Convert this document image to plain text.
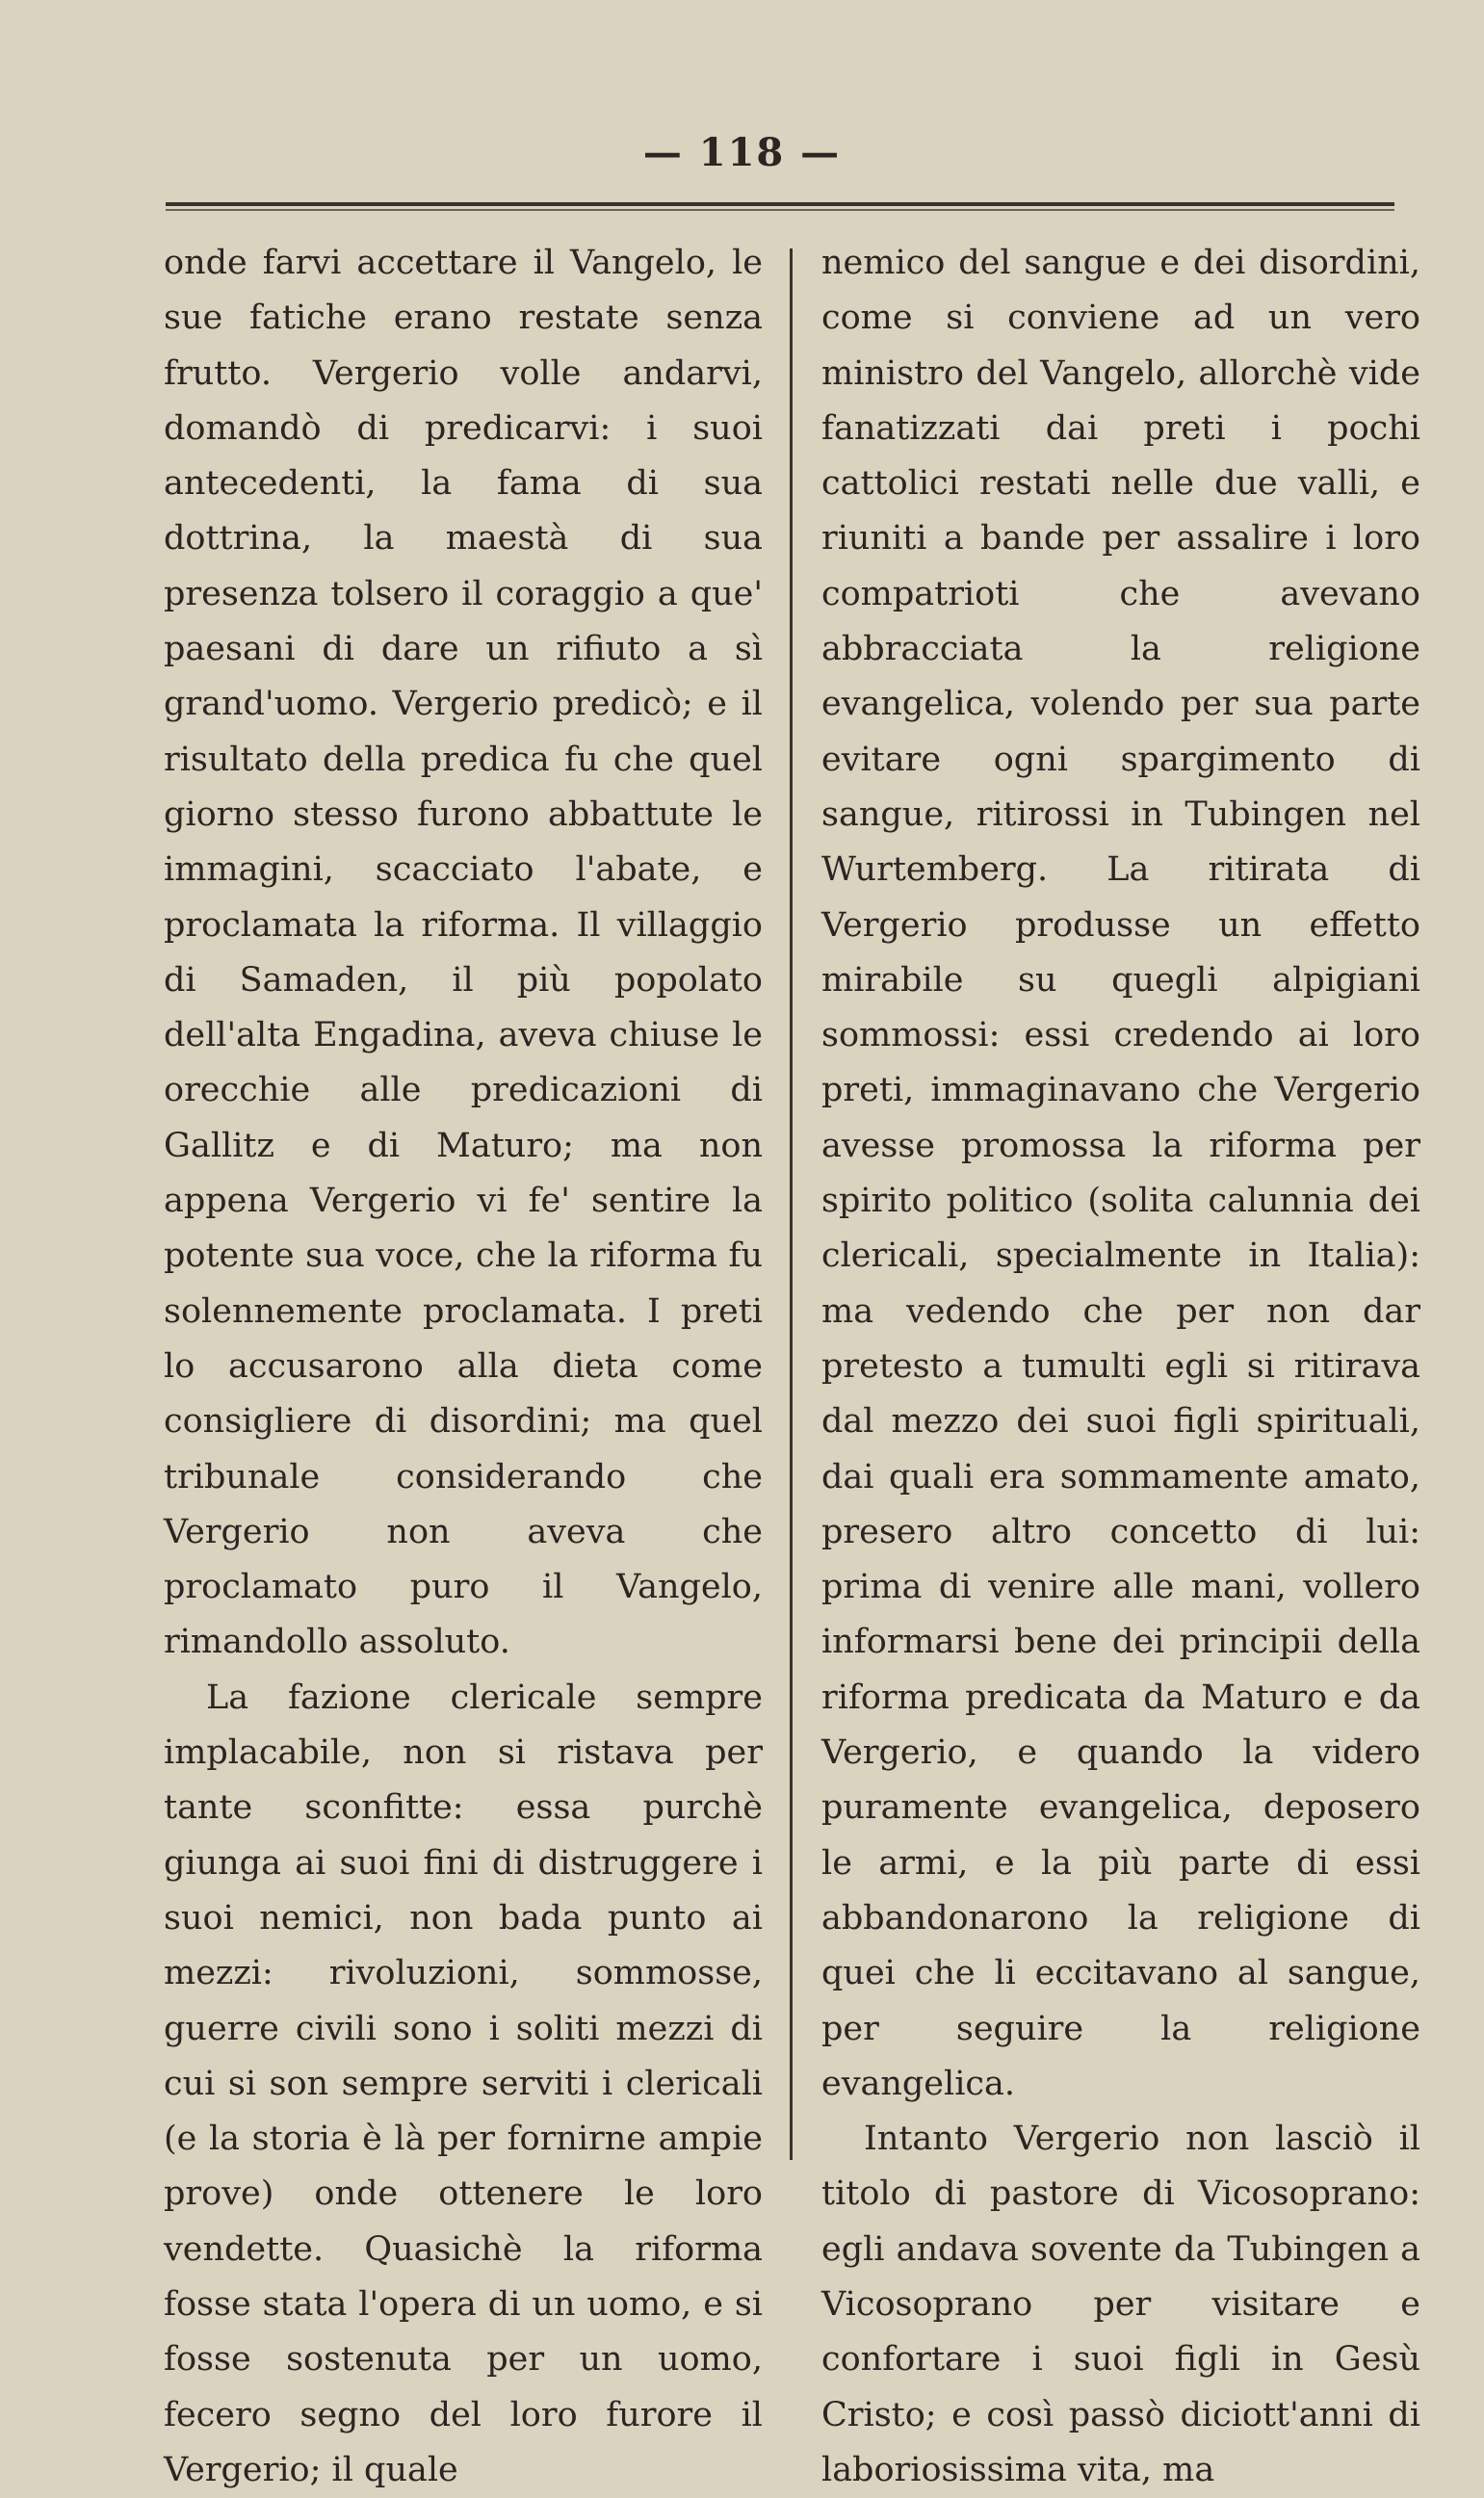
— 118 —

onde farvi accettare il Vangelo, le sue fatiche erano restate senza frutto. Vergerio volle andarvi, domandò di predicarvi: i suoi antecedenti, la fama di sua dottrina, la maestà di sua presenza tolsero il coraggio a que' paesani di dare un rifiuto a sì grand'uomo. Vergerio predicò; e il risultato della predica fu che quel giorno stesso furono abbattute le immagini, scacciato l'abate, e proclamata la riforma. Il villaggio di Samaden, il più popolato dell'alta Engadina, aveva chiuse le orecchie alle predicazioni di Gallitz e di Maturo; ma non appena Vergerio vi fe' sentire la potente sua voce, che la riforma fu solennemente proclamata. I preti lo accusarono alla dieta come consigliere di disordini; ma quel tribunale considerando che Vergerio non aveva che proclamato puro il Vangelo, rimandollo assoluto.

La fazione clericale sempre implacabile, non si ristava per tante sconfitte: essa purchè giunga ai suoi fini di distruggere i suoi nemici, non bada punto ai mezzi: rivoluzioni, sommosse, guerre civili sono i soliti mezzi di cui si son sempre serviti i clericali (e la storia è là per fornirne ampie prove) onde ottenere le loro vendette. Quasichè la riforma fosse stata l'opera di un uomo, e si fosse sostenuta per un uomo, fecero segno del loro furore il Vergerio; il quale

nemico del sangue e dei disordini, come si conviene ad un vero ministro del Vangelo, allorchè vide fanatizzati dai preti i pochi cattolici restati nelle due valli, e riuniti a bande per assalire i loro compatrioti che avevano abbracciata la religione evangelica, volendo per sua parte evitare ogni spargimento di sangue, ritirossi in Tubingen nel Wurtemberg. La ritirata di Vergerio produsse un effetto mirabile su quegli alpigiani sommossi: essi credendo ai loro preti, immaginavano che Vergerio avesse promossa la riforma per spirito politico (solita calunnia dei clericali, specialmente in Italia): ma vedendo che per non dar pretesto a tumulti egli si ritirava dal mezzo dei suoi figli spirituali, dai quali era sommamente amato, presero altro concetto di lui: prima di venire alle mani, vollero informarsi bene dei principii della riforma predicata da Maturo e da Vergerio, e quando la videro puramente evangelica, deposero le armi, e la più parte di essi abbandonarono la religione di quei che li eccitavano al sangue, per seguire la religione evangelica.

Intanto Vergerio non lasciò il titolo di pastore di Vicosoprano: egli andava sovente da Tubingen a Vicosoprano per visitare e confortare i suoi figli in Gesù Cristo; e così passò diciott'anni di laboriosissima vita, ma
